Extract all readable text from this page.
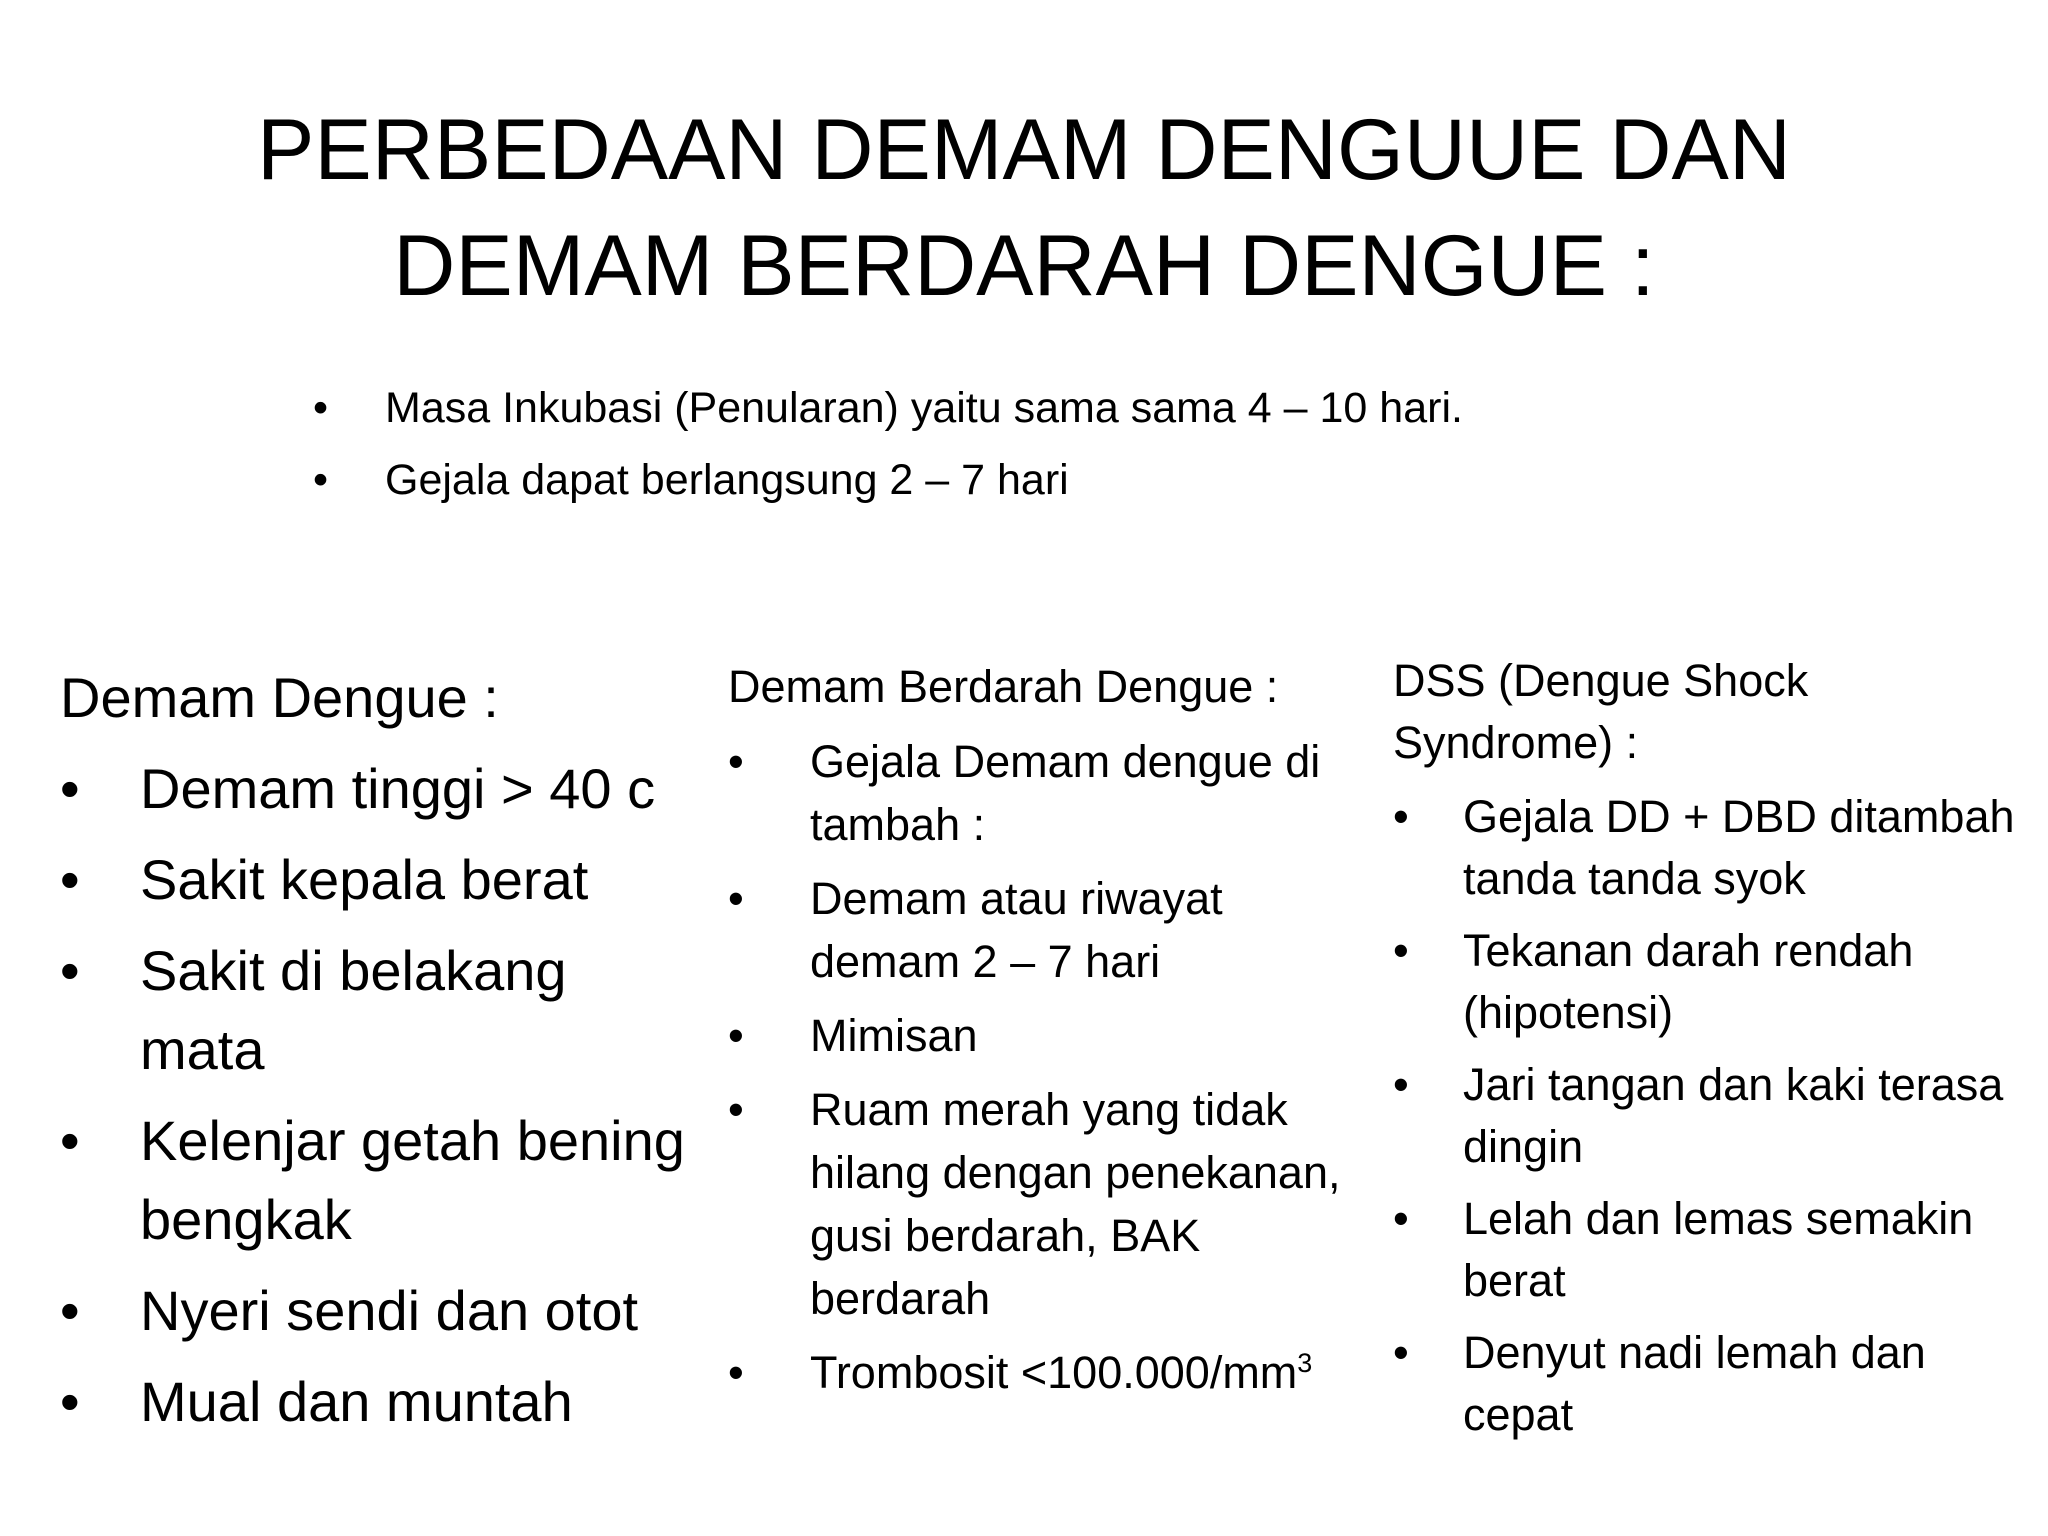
PERBEDAAN DEMAM DENGUUE DAN
DEMAM BERDARAH DENGUE :
• Masa Inkubasi (Penularan) yaitu sama sama 4 – 10 hari.
• Gejala dapat berlangsung 2 – 7 hari
Demam Dengue :
• Demam tinggi > 40 c
• Sakit kepala berat
• Sakit di belakang mata
• Kelenjar getah bening bengkak
• Nyeri sendi dan otot
• Mual dan muntah
Demam Berdarah Dengue :
• Gejala Demam dengue di tambah :
• Demam atau riwayat demam 2 – 7 hari
• Mimisan
• Ruam merah yang tidak hilang dengan penekanan, gusi berdarah, BAK berdarah
• Trombosit $<100.000/mm^3$
DSS (Dengue Shock Syndrome) :
• Gejala DD + DBD ditambah tanda tanda syok
• Tekanan darah rendah (hipotensi)
• Jari tangan dan kaki terasa dingin
• Lelah dan lemas semakin berat
• Denyut nadi lemah dan cepat
